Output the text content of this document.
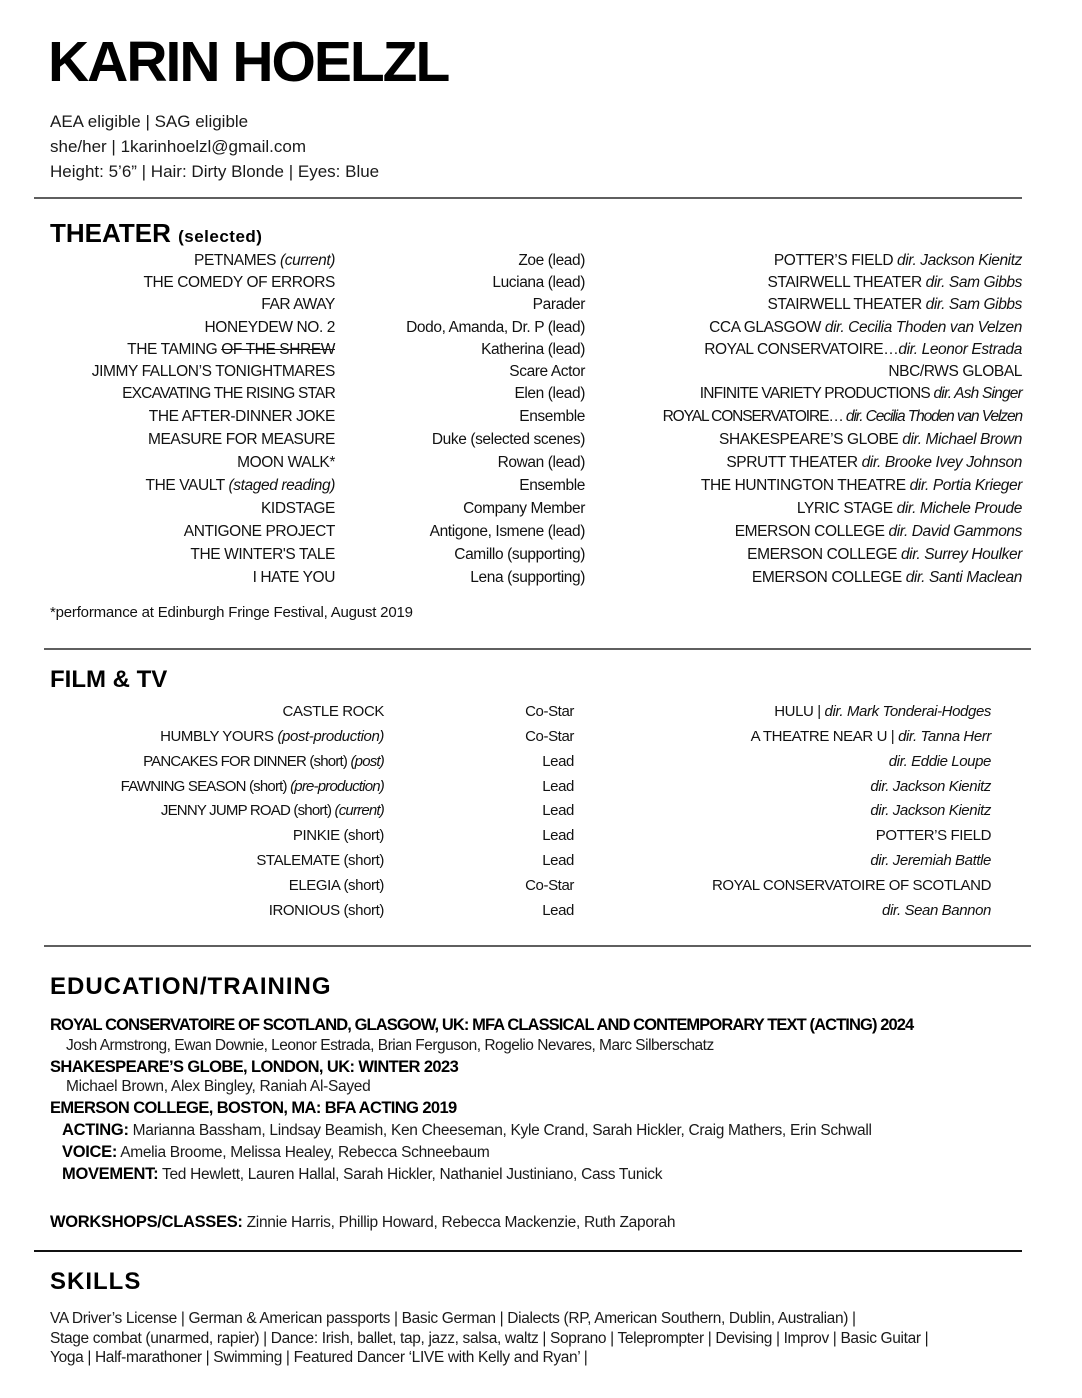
KARIN HOELZL
AEA eligible | SAG eligible
she/her | 1karinhoelzl@gmail.com
Height: 5’6” | Hair: Dirty Blonde | Eyes: Blue
THEATER (selected)
PETNAMES (current)	Zoe (lead)	POTTER’S FIELD dir. Jackson Kienitz
THE COMEDY OF ERRORS	Luciana (lead)	STAIRWELL THEATER dir. Sam Gibbs
FAR AWAY	Parader	STAIRWELL THEATER dir. Sam Gibbs
HONEYDEW NO. 2	Dodo, Amanda, Dr. P (lead)	CCA GLASGOW dir. Cecilia Thoden van Velzen
THE TAMING OF THE SHREW	Katherina (lead)	ROYAL CONSERVATOIRE…dir. Leonor Estrada
JIMMY FALLON’S TONIGHTMARES	Scare Actor	NBC/RWS GLOBAL
EXCAVATING THE RISING STAR	Elen (lead)	INFINITE VARIETY PRODUCTIONS dir. Ash Singer
THE AFTER-DINNER JOKE	Ensemble	ROYAL CONSERVATOIRE… dir. Cecilia Thoden van Velzen
MEASURE FOR MEASURE	Duke (selected scenes)	SHAKESPEARE’S GLOBE dir. Michael Brown
MOON WALK*	Rowan (lead)	SPRUTT THEATER dir. Brooke Ivey Johnson
THE VAULT (staged reading)	Ensemble	THE HUNTINGTON THEATRE dir. Portia Krieger
KIDSTAGE	Company Member	LYRIC STAGE dir. Michele Proude
ANTIGONE PROJECT	Antigone, Ismene (lead)	EMERSON COLLEGE dir. David Gammons
THE WINTER'S TALE	Camillo (supporting)	EMERSON COLLEGE dir. Surrey Houlker
I HATE YOU	Lena (supporting)	EMERSON COLLEGE dir. Santi Maclean
*performance at Edinburgh Fringe Festival, August 2019
FILM & TV
CASTLE ROCK	Co-Star	HULU | dir. Mark Tonderai-Hodges
HUMBLY YOURS (post-production)	Co-Star	A THEATRE NEAR U | dir. Tanna Herr
PANCAKES FOR DINNER (short) (post)	Lead	dir. Eddie Loupe
FAWNING SEASON (short) (pre-production)	Lead	dir. Jackson Kienitz
JENNY JUMP ROAD (short) (current)	Lead	dir. Jackson Kienitz
PINKIE (short)	Lead	POTTER’S FIELD
STALEMATE (short)	Lead	dir. Jeremiah Battle
ELEGIA (short)	Co-Star	ROYAL CONSERVATOIRE OF SCOTLAND
IRONIOUS (short)	Lead	dir. Sean Bannon
EDUCATION/TRAINING
ROYAL CONSERVATOIRE OF SCOTLAND, GLASGOW, UK: MFA CLASSICAL AND CONTEMPORARY TEXT (ACTING) 2024
Josh Armstrong, Ewan Downie, Leonor Estrada, Brian Ferguson, Rogelio Nevares, Marc Silberschatz
SHAKESPEARE’S GLOBE, LONDON, UK: WINTER 2023
Michael Brown, Alex Bingley, Raniah Al-Sayed
EMERSON COLLEGE, BOSTON, MA: BFA ACTING 2019
ACTING: Marianna Bassham, Lindsay Beamish, Ken Cheeseman, Kyle Crand, Sarah Hickler, Craig Mathers, Erin Schwall
VOICE: Amelia Broome, Melissa Healey, Rebecca Schneebaum
MOVEMENT: Ted Hewlett, Lauren Hallal, Sarah Hickler, Nathaniel Justiniano, Cass Tunick
WORKSHOPS/CLASSES: Zinnie Harris, Phillip Howard, Rebecca Mackenzie, Ruth Zaporah
SKILLS
VA Driver’s License | German & American passports | Basic German | Dialects (RP, American Southern, Dublin, Australian) |
Stage combat (unarmed, rapier) | Dance: Irish, ballet, tap, jazz, salsa, waltz | Soprano | Teleprompter | Devising | Improv | Basic Guitar |
Yoga | Half-marathoner | Swimming | Featured Dancer ‘LIVE with Kelly and Ryan’ |
